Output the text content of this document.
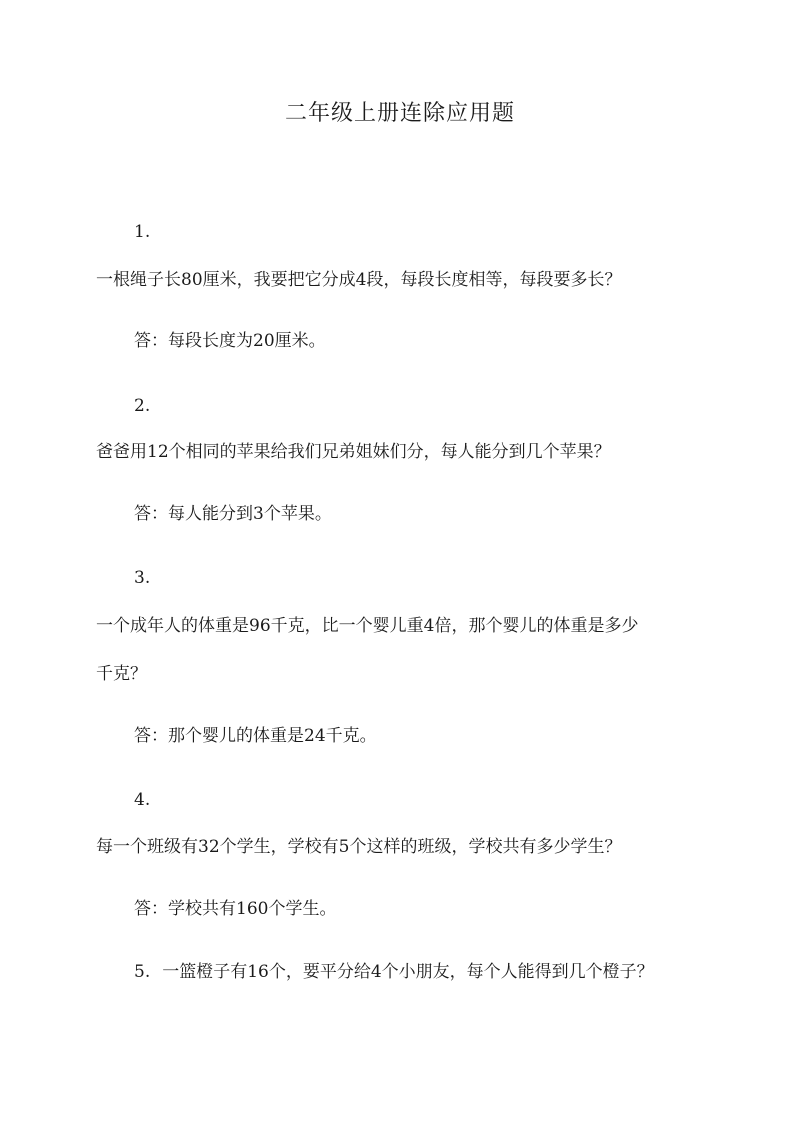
二年级上册连除应用题

1.

一根绳子长80厘米，我要把它分成4段，每段长度相等，每段要多长？

答：每段长度为20厘米。

2.

爸爸用12个相同的苹果给我们兄弟姐妹们分，每人能分到几个苹果？

答：每人能分到3个苹果。

3.

一个成年人的体重是96千克，比一个婴儿重4倍，那个婴儿的体重是多少

千克？

答：那个婴儿的体重是24千克。

4.

每一个班级有32个学生，学校有5个这样的班级，学校共有多少学生？

答：学校共有160个学生。

5. 一篮橙子有16个，要平分给4个小朋友，每个人能得到几个橙子？
